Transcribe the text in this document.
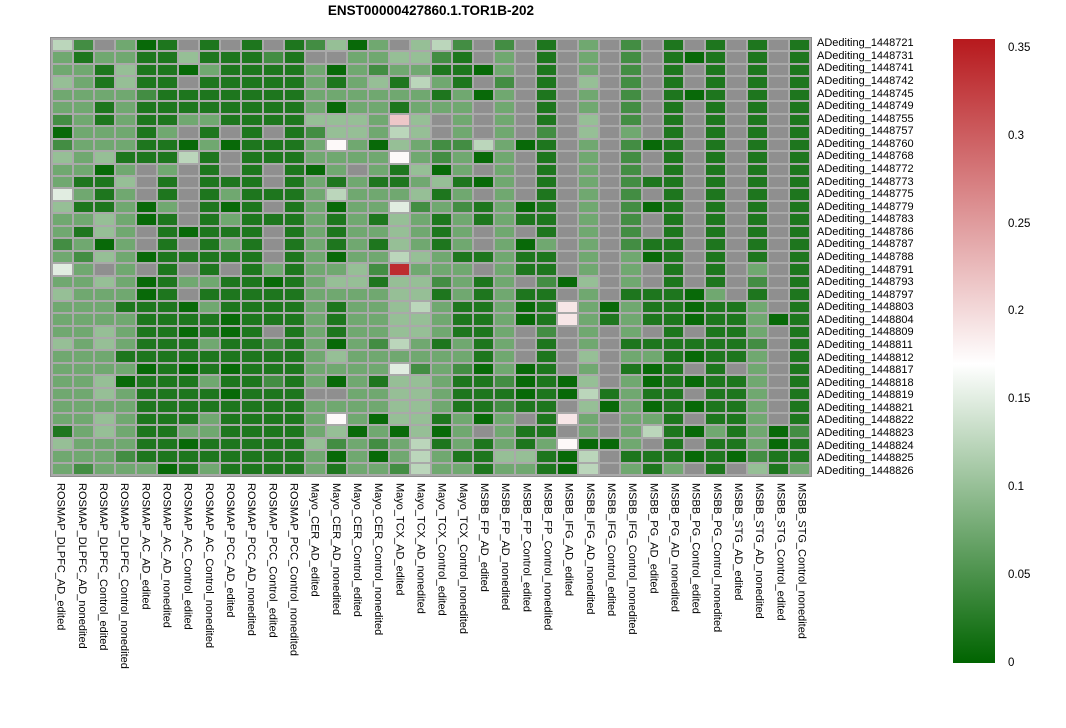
ENST00000427860.1.TOR1B-202
ADediting_1448721
ADediting_1448731
ADediting_1448741
ADediting_1448742
ADediting_1448745
ADediting_1448749
ADediting_1448755
ADediting_1448757
ADediting_1448760
ADediting_1448768
ADediting_1448772
ADediting_1448773
ADediting_1448775
ADediting_1448779
ADediting_1448783
ADediting_1448786
ADediting_1448787
ADediting_1448788
ADediting_1448791
ADediting_1448793
ADediting_1448797
ADediting_1448803
ADediting_1448804
ADediting_1448809
ADediting_1448811
ADediting_1448812
ADediting_1448817
ADediting_1448818
ADediting_1448819
ADediting_1448821
ADediting_1448822
ADediting_1448823
ADediting_1448824
ADediting_1448825
ADediting_1448826
ROSMAP_DLPFC_AD_edited ROSMAP_DLPFC_AD_nonedited ROSMAP_DLPFC_Control_edited ROSMAP_DLPFC_Control_nonedited ROSMAP_AC_AD_edited ROSMAP_AC_AD_nonedited ROSMAP_AC_Control_edited ROSMAP_AC_Control_nonedited ROSMAP_PCC_AD_edited ROSMAP_PCC_AD_nonedited ROSMAP_PCC_Control_edited ROSMAP_PCC_Control_nonedited Mayo_CER_AD_edited Mayo_CER_AD_nonedited Mayo_CER_Control_edited Mayo_CER_Control_nonedited Mayo_TCX_AD_edited Mayo_TCX_AD_nonedited Mayo_TCX_Control_edited Mayo_TCX_Control_nonedited MSBB_FP_AD_edited MSBB_FP_AD_nonedited MSBB_FP_Control_edited MSBB_FP_Control_nonedited MSBB_IFG_AD_edited MSBB_IFG_AD_nonedited MSBB_IFG_Control_edited MSBB_IFG_Control_nonedited MSBB_PG_AD_edited MSBB_PG_AD_nonedited MSBB_PG_Control_edited MSBB_PG_Control_nonedited MSBB_STG_AD_edited MSBB_STG_AD_nonedited MSBB_STG_Control_edited MSBB_STG_Control_nonedited
0.35
0.3
0.25
0.2
0.15
0.1
0.05
0
